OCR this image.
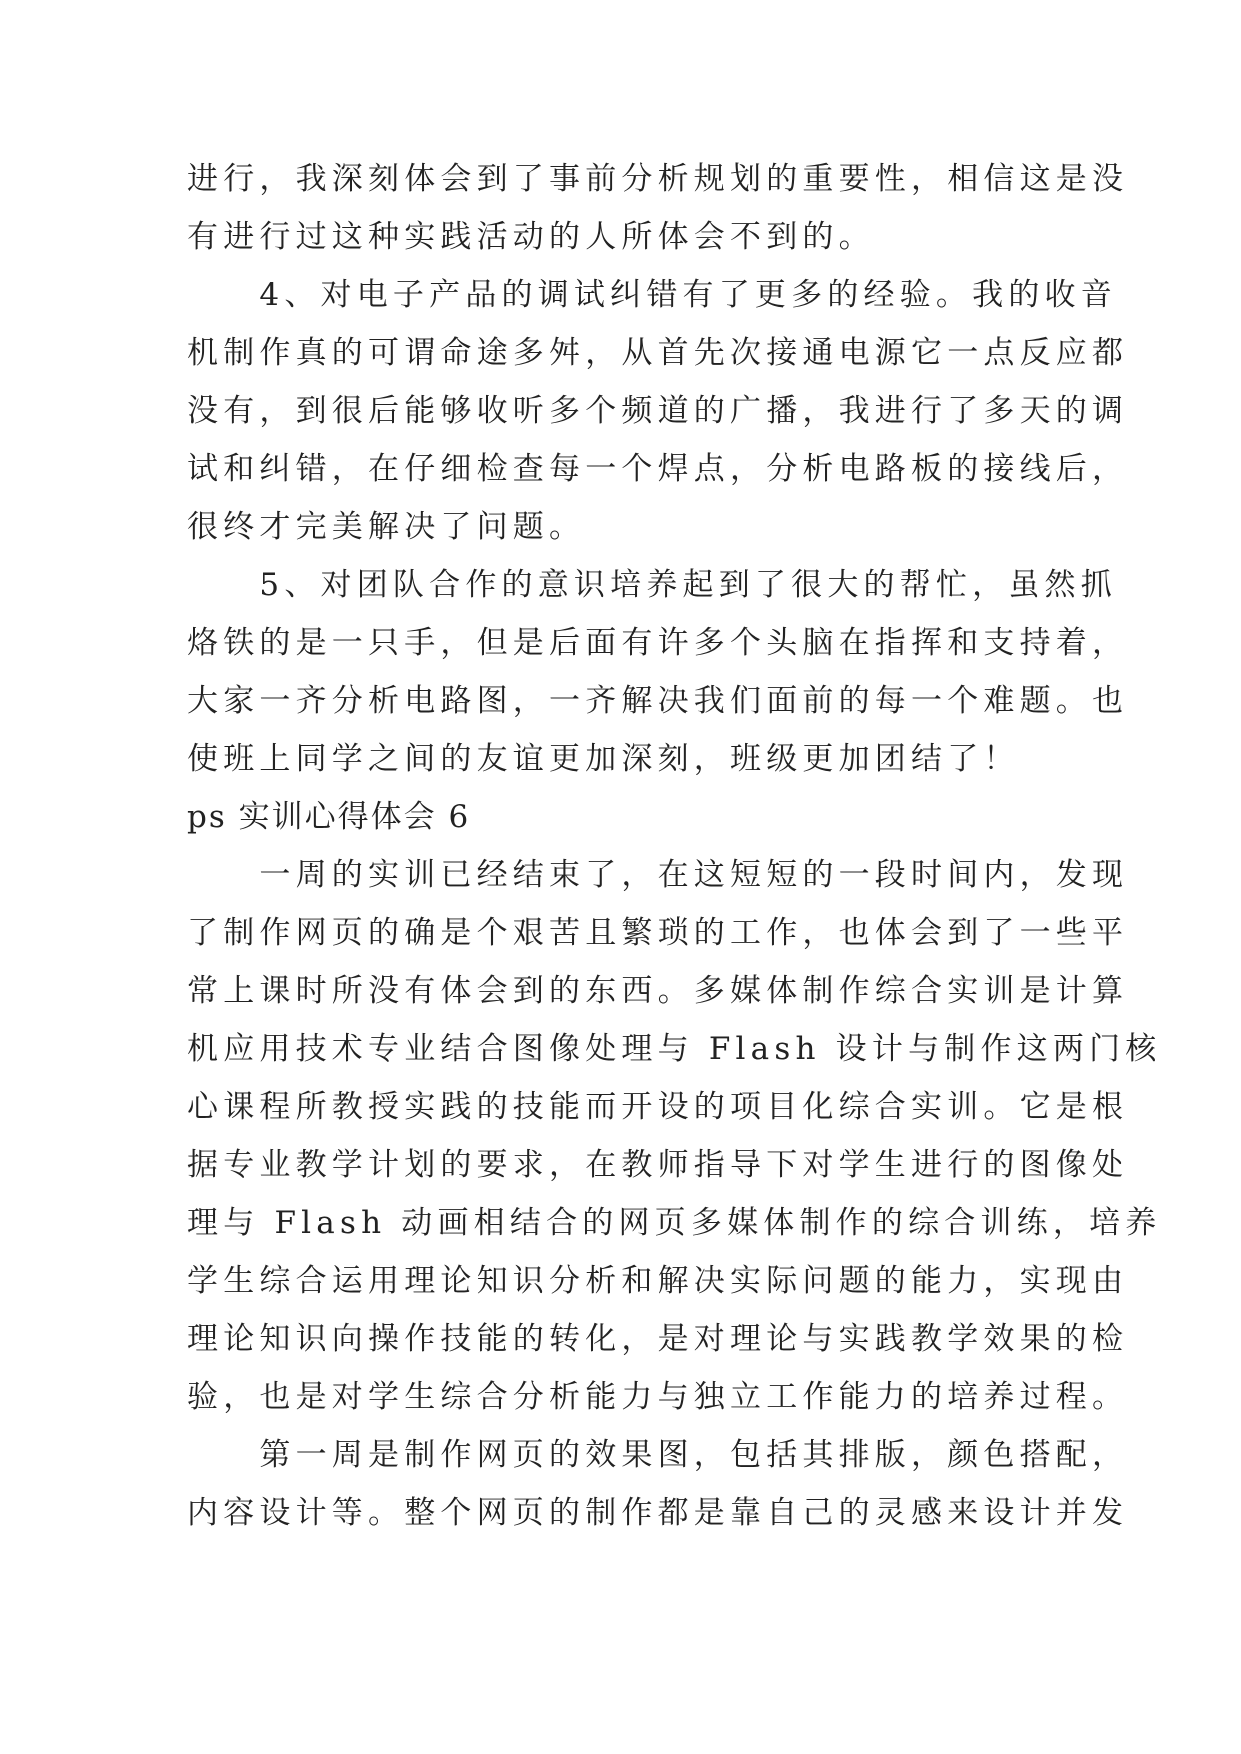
进行，我深刻体会到了事前分析规划的重要性，相信这是没
有进行过这种实践活动的人所体会不到的。
　　4、对电子产品的调试纠错有了更多的经验。我的收音
机制作真的可谓命途多舛，从首先次接通电源它一点反应都
没有，到很后能够收听多个频道的广播，我进行了多天的调
试和纠错，在仔细检查每一个焊点，分析电路板的接线后，
很终才完美解决了问题。
　　5、对团队合作的意识培养起到了很大的帮忙，虽然抓
烙铁的是一只手，但是后面有许多个头脑在指挥和支持着，
大家一齐分析电路图，一齐解决我们面前的每一个难题。也
使班上同学之间的友谊更加深刻，班级更加团结了！
ps 实训心得体会 6
　　一周的实训已经结束了，在这短短的一段时间内，发现
了制作网页的确是个艰苦且繁琐的工作，也体会到了一些平
常上课时所没有体会到的东西。多媒体制作综合实训是计算
机应用技术专业结合图像处理与 Flash 设计与制作这两门核
心课程所教授实践的技能而开设的项目化综合实训。它是根
据专业教学计划的要求，在教师指导下对学生进行的图像处
理与 Flash 动画相结合的网页多媒体制作的综合训练，培养
学生综合运用理论知识分析和解决实际问题的能力，实现由
理论知识向操作技能的转化，是对理论与实践教学效果的检
验，也是对学生综合分析能力与独立工作能力的培养过程。
　　第一周是制作网页的效果图，包括其排版，颜色搭配，
内容设计等。整个网页的制作都是靠自己的灵感来设计并发
